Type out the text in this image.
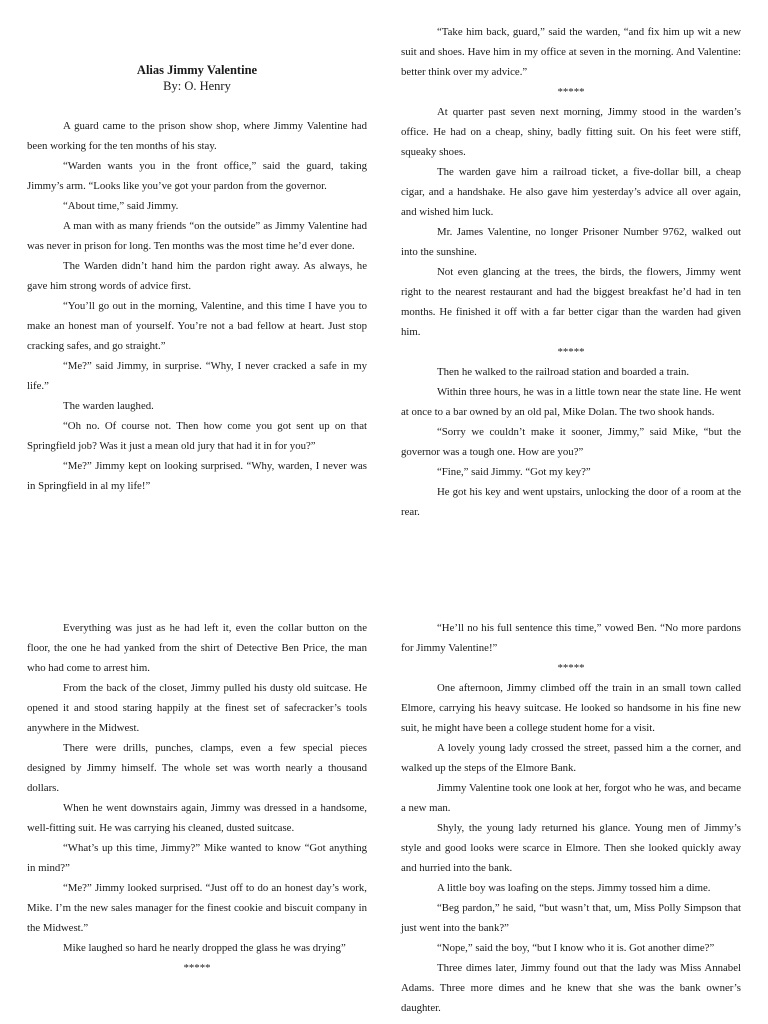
Alias Jimmy Valentine
By: O. Henry

A guard came to the prison show shop, where Jimmy Valentine had been working for the ten months of his stay.

“Warden wants you in the front office,” said the guard, taking Jimmy’s arm. “Looks like you’ve got your pardon from the governor.

“About time,” said Jimmy.

A man with as many friends “on the outside” as Jimmy Valentine had was never in prison for long. Ten months was the most time he’d ever done.

The Warden didn’t hand him the pardon right away. As always, he gave him strong words of advice first.

“You’ll go out in the morning, Valentine, and this time I have you to make an honest man of yourself. You’re not a bad fellow at heart. Just stop cracking safes, and go straight.”

“Me?” said Jimmy, in surprise. “Why, I never cracked a safe in my life.”

The warden laughed.

“Oh no. Of course not. Then how come you got sent up on that Springfield job? Was it just a mean old jury that had it in for you?”

“Me?” Jimmy kept on looking surprised. “Why, warden, I never was in Springfield in al my life!”

“Take him back, guard,” said the warden, “and fix him up wit a new suit and shoes. Have him in my office at seven in the morning. And Valentine: better think over my advice.”

*****

At quarter past seven next morning, Jimmy stood in the warden’s office. He had on a cheap, shiny, badly fitting suit. On his feet were stiff, squeaky shoes.

The warden gave him a railroad ticket, a five-dollar bill, a cheap cigar, and a handshake. He also gave him yesterday’s advice all over again, and wished him luck.

Mr. James Valentine, no longer Prisoner Number 9762, walked out into the sunshine.

Not even glancing at the trees, the birds, the flowers, Jimmy went right to the nearest restaurant and had the biggest breakfast he’d had in ten months. He finished it off with a far better cigar than the warden had given him.

*****

Then he walked to the railroad station and boarded a train.

Within three hours, he was in a little town near the state line. He went at once to a bar owned by an old pal, Mike Dolan. The two shook hands.

“Sorry we couldn’t make it sooner, Jimmy,” said Mike, “but the governor was a tough one. How are you?”

“Fine,” said Jimmy. “Got my key?”

He got his key and went upstairs, unlocking the door of a room at the rear.

Everything was just as he had left it, even the collar button on the floor, the one he had yanked from the shirt of Detective Ben Price, the man who had come to arrest him.

From the back of the closet, Jimmy pulled his dusty old suitcase. He opened it and stood staring happily at the finest set of safecracker’s tools anywhere in the Midwest.

There were drills, punches, clamps, even a few special pieces designed by Jimmy himself. The whole set was worth nearly a thousand dollars.

When he went downstairs again, Jimmy was dressed in a handsome, well-fitting suit. He was carrying his cleaned, dusted suitcase.

“What’s up this time, Jimmy?” Mike wanted to know “Got anything in mind?”

“Me?” Jimmy looked surprised. “Just off to do an honest day’s work, Mike. I’m the new sales manager for the finest cookie and biscuit company in the Midwest.”

Mike laughed so hard he nearly dropped the glass he was drying”

*****

“He’ll no his full sentence this time,” vowed Ben. “No more pardons for Jimmy Valentine!”

*****

One afternoon, Jimmy climbed off the train in an small town called Elmore, carrying his heavy suitcase. He looked so handsome in his fine new suit, he might have been a college student home for a visit.

A lovely young lady crossed the street, passed him a the corner, and walked up the steps of the Elmore Bank.

Jimmy Valentine took one look at her, forgot who he was, and became a new man.

Shyly, the young lady returned his glance. Young men of Jimmy’s style and good looks were scarce in Elmore. Then she looked quickly away and hurried into the bank.

A little boy was loafing on the steps. Jimmy tossed him a dime.

“Beg pardon,” he said, “but wasn’t that, um, Miss Polly Simpson that just went into the bank?”

“Nope,” said the boy, “but I know who it is. Got another dime?”

Three dimes later, Jimmy found out that the lady was Miss Annabel Adams. Three more dimes and he knew that she was the bank owner’s daughter.
